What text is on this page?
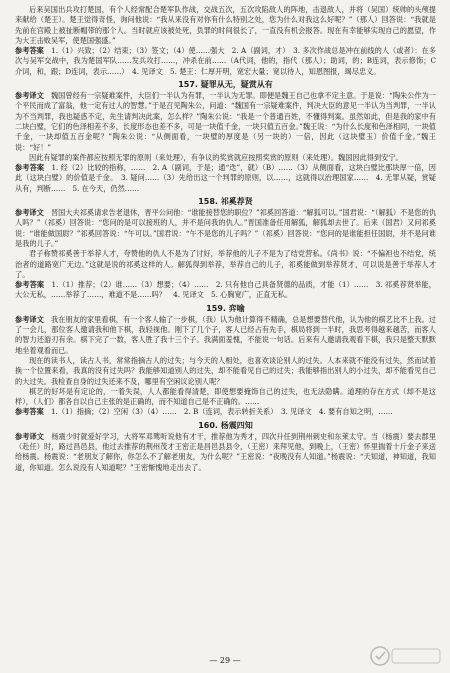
后来吴国出兵攻打楚国，有个人经常配合楚军队作战，交战五次，五次攻陷敌人的阵地，击退敌人，并将（吴国）统帅的头颅提来献给（楚王）。楚王觉得奇怪，询问他说：“我从来没有对你有什么特别之处，您为什么对我这么好呢？”（那人）回答说：“我就是先前在宫殿上被扯断帽带的那个人。当时就应该被处死，负罪的时间很长了，一直没有机会报答。现在有幸能够实现自己的愿望，作为大王击败吴军，使楚国强盛。”

参考答案　 1.（1）兴致；（2）结束；（3）签文；（4）使……强大　2. A（副词，才）　3. 多次作战总是冲在前线的人（或者）：在多次与吴军交战中，我为楚国军队……发兵攻打……，冲杀在前……（A代词，他的，指代（那人）；助词，的；B连词，表示修饰；C介词，和，跟；D连词，表示……）　4. 见译文　5. 楚王：仁厚开明，宽宏大量；宽以待人，知恩图报，竭尽忠义。

157. 疑罪从无，疑赏从有

参考译文　 魏国曾经有一宗疑难案件，大臣们一半认为有罪，一半认为无罪。即便是魏王自己也拿不定主意。于是说：“陶朱公作为一个平民而成了富翁，他一定有过人的智慧。”于是召见陶朱公，问道：“魏国有一宗疑难案件，判决大臣的意见一半认为当判罪，一半认为不当判罪，我也疑惑不定，先生请判决此案，怎么样？”陶朱公说：“我是一个普通百姓，不懂得判案。虽然如此，但是我的家中有二块白璧，它们的色泽相差不多，长度形态也差不多，可是一块值千金，一块只值五百金。”魏王说：“为什么长度和色泽相同，一块值千金，一块却值五百金呢？”陶朱公说：“从侧面看，一块璧的厚度是（另一块的）一倍，因此（这块璧玉）价值千金。”魏王说：“好！”

因此有疑罪的案件都应按照无罪的原则（来处理），有争议的奖赏就应按照奖赏的原则（来处理）。魏国因此得到安宁。

参考答案　 1. 经（2）比较的指称，……　2. A（副词，于是；通“迭”，就）（B）……（3）从侧面看，这块白璧比那块厚一倍，因此（这块白璧）的价值是千金。　3. 疑问……（3）先给出这一个判罪的原则，以……，这就得以治理国家……　4. 无罪从疑，赏疑从有，判断……　5. 在今天，仍然……

158. 祁奚荐贤

参考译文　 晋国大夫祁奚请求告老退休，晋平公问他：“谁能接替您的职位？”祁奚回答道：“解狐可以。”国君说：“（解狐）不是您的仇人吗？”（祁奚）回答说：“您问的是可以接班的人，并不是问我的仇人。”晋国准备任用解狐，解狐却去世了。后来（国君）又问祁奚说：“谁能做国尉？”祁奚回答说：“午可以。”国君说：“午不是您的儿子吗？”（祁奚）回答说：“您问的是谁能担任国尉，并不是问谁是我的儿子。”

君子称赞祁奚善于举荐人才，夸赞他的仇人不是为了讨好，举荐他的儿子不是为了结党营私。《尚书》说：“不偏袒也不结党，统治者的道路宽广无边。”这就是说的祁奚这样的人。解狐得到举荐，举荐自己的儿子，祁奚能做到举荐贤才，可以说是善于举荐人才了。

参考答案　 1.（1）推荐；（2）谁……（3）想要；（4）……　2. 只有他自己具备贤德的品质，才能（1）……　3. 祁奚荐贤举能，大公无私，……举荐了……，难道不是……吗？　4. 见译文　5. 心胸宽广，正直无私。

159. 弈喻

参考译文　 我在朋友的家里看棋，有一个客人输了一步棋，（我）认为他计算得不精确，总是想要替代他，认为他的棋艺比不上我。过了一会儿，那位客人邀请我和他下棋，我轻视他。刚下了几个子，客人已经占有先手，棋局将到一半时，我思考得越来越苦，而客人的智力还游刃有余。棋下完了一数，客人胜了我十三个子。我满面羞愧，不能说一句话。后来有人邀请我观看下棋，我只是整天默默地坐着观看而已。

现在的读书人，读古人书，常常指摘古人的过失；与今天的人相处，也喜欢谈论别人的过失。人本来就不能没有过失，然而试着换一个位置来看，我真的没有过失吗？我能够知道别人的过失，却不能看见自己的过失；我能够指出别人的小过失，却不能看见自己的大过失。我检查自身的过失还来不及，哪里有空闲议论别人呢？

棋艺的好坏是有定论的，一着失误，人人都能看得清楚，即使想要掩饰自己的过失，也无法隐瞒。道理的存在方式（却不是这样），（人们）都各自以自己主张的是正确的，而不知道自己是不正确的。……

参考答案　 1.（1）指摘；（2）空闲（3）（4）……　2. B（连词，表示转折关系）　3. 见译文　4. 要有自知之明，……

160. 杨震四知

参考译文　 杨震少时就爱好学习，大将军邓骘听说他有才干，推荐他为秀才，四次升任到荆州刺史和东莱太守。当（杨震）要去郡里（赴任）时，路过昌邑县，他过去推荐的荆州茂才王密正是昌邑县县令，（王密）来拜见他，到晚上，（王密）怀里揣着十斤金子来送给杨震。杨震说：“老朋友了解你，你怎么不了解老朋友，为什么呢？”王密说：“夜晚没有人知道。”杨震说：“天知道，神知道，我知道，你知道。怎么说没有人知道呢？”王密惭愧地走出去了。

— 29 —
